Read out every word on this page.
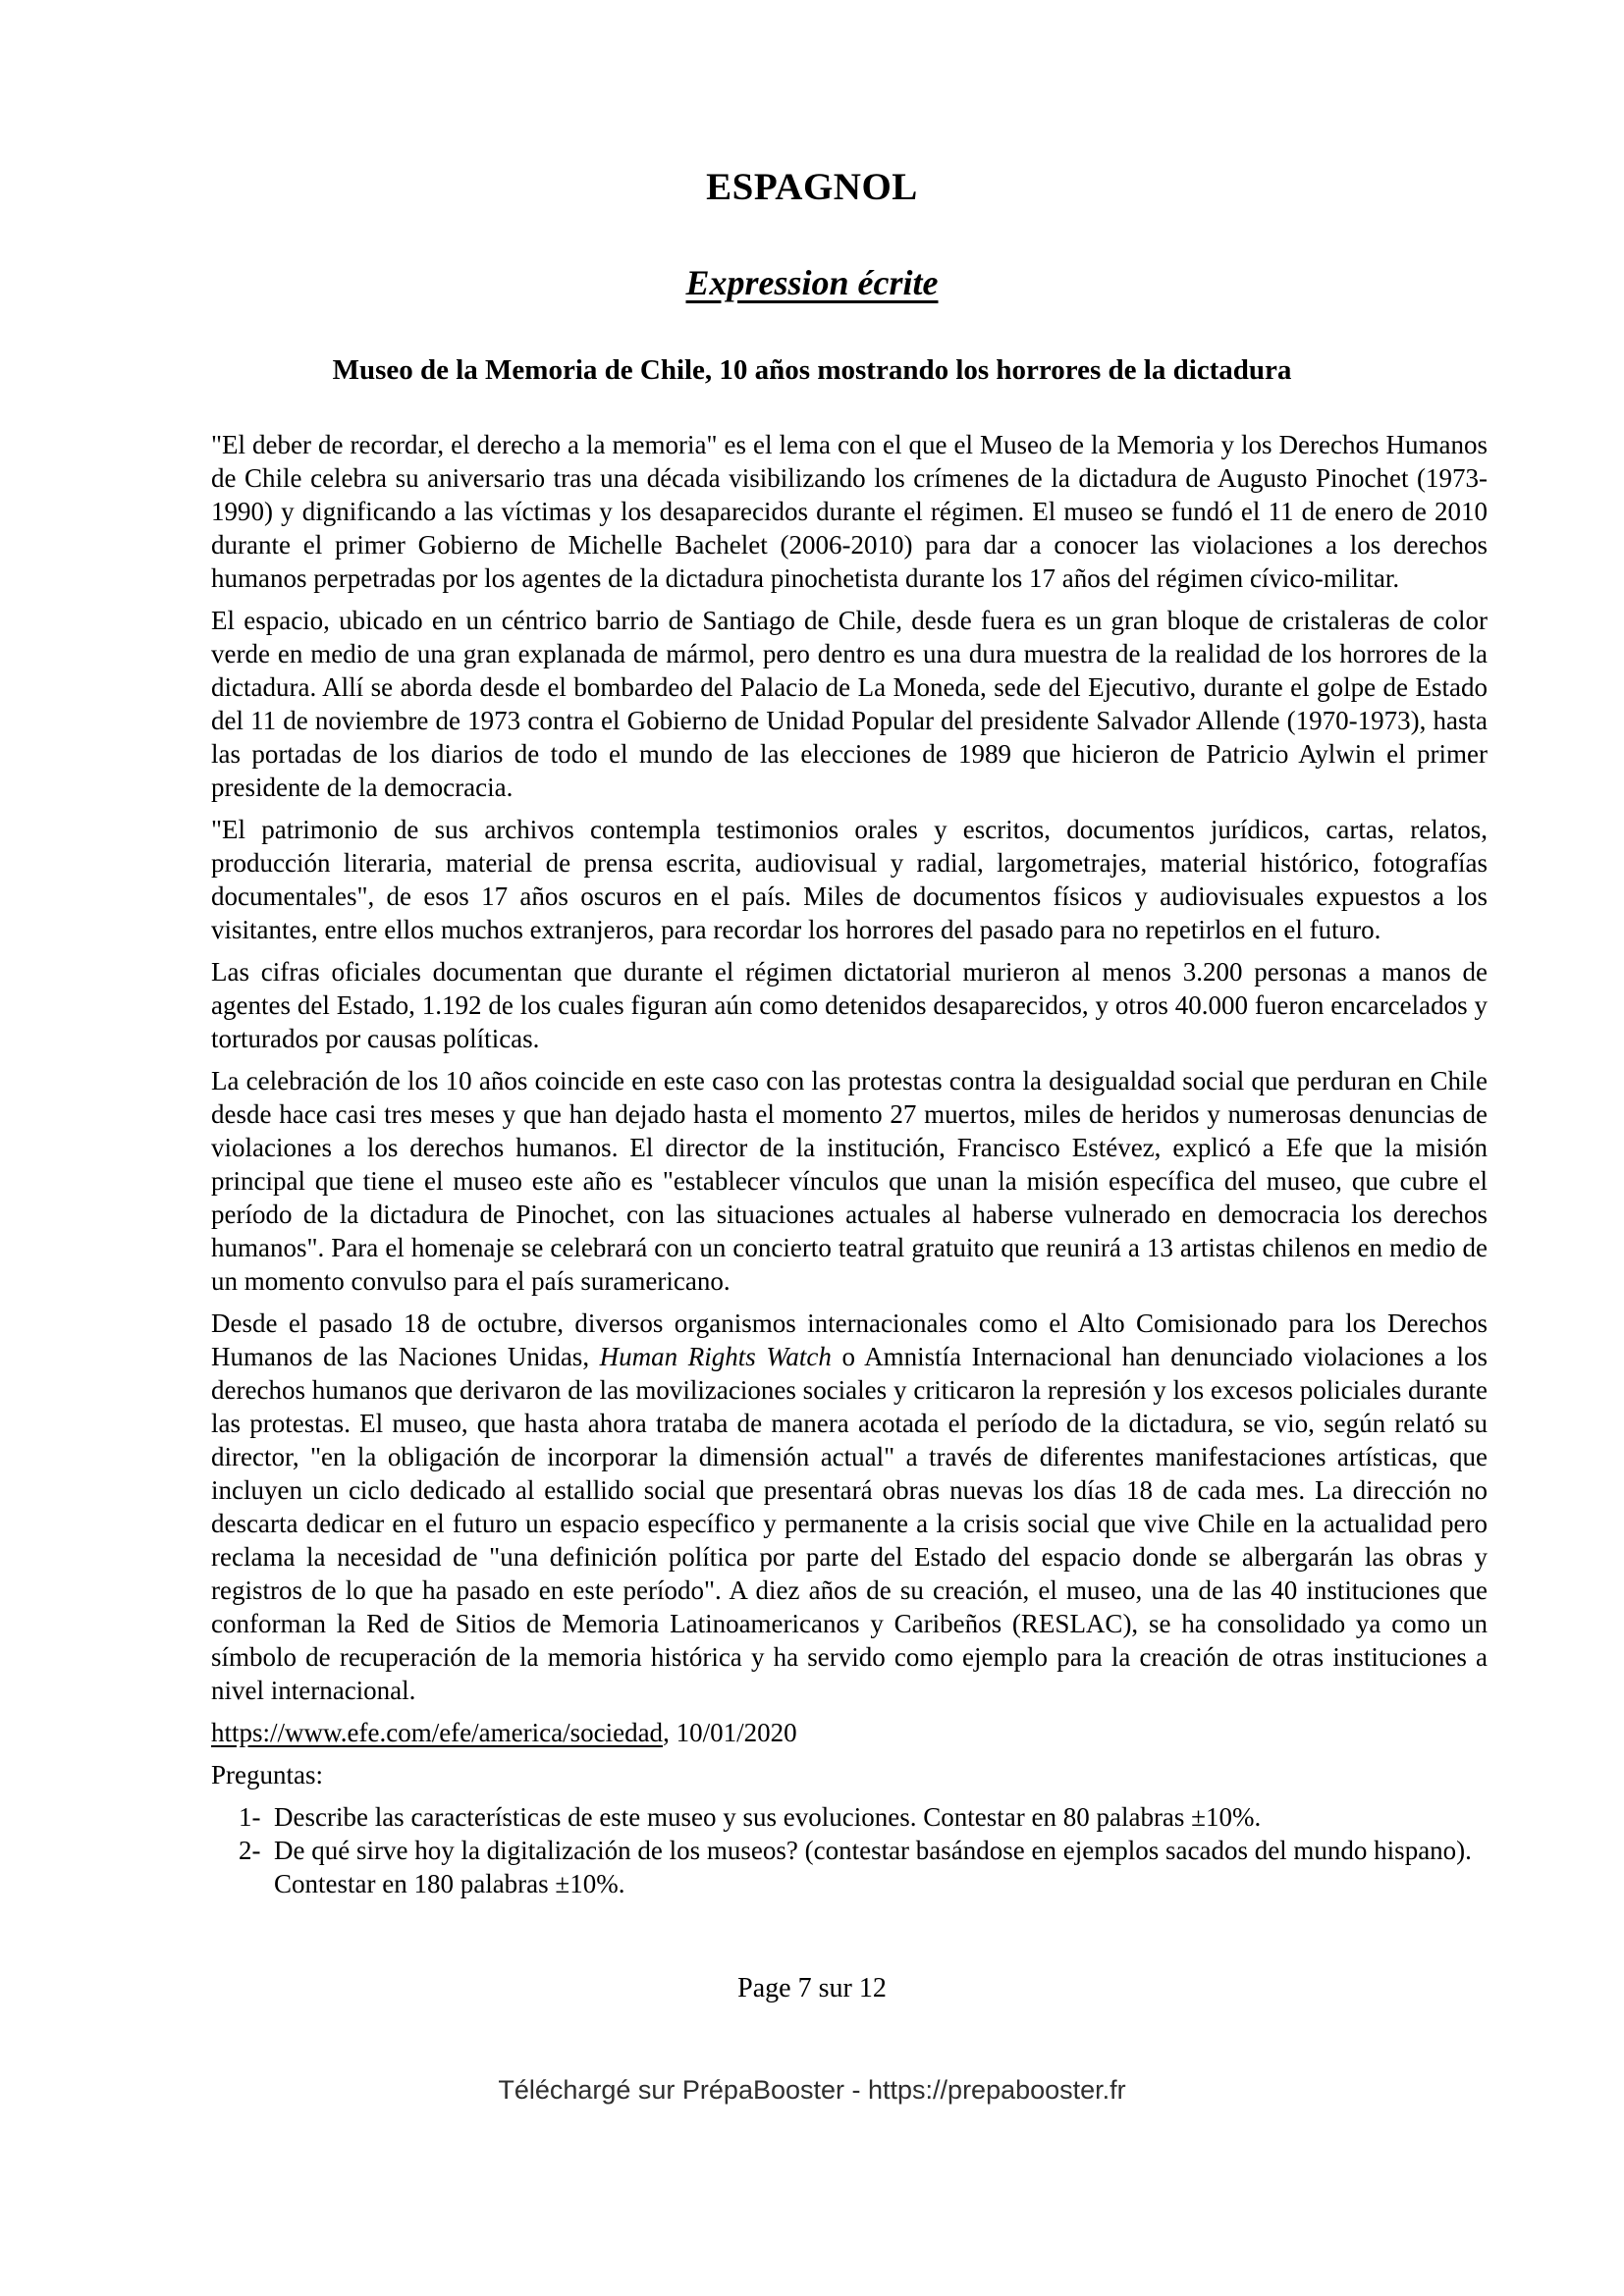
ESPAGNOL
Expression écrite
Museo de la Memoria de Chile, 10 años mostrando los horrores de la dictadura

"El deber de recordar, el derecho a la memoria" es el lema con el que el Museo de la Memoria y los Derechos Humanos de Chile celebra su aniversario tras una década visibilizando los crímenes de la dictadura de Augusto Pinochet (1973-1990) y dignificando a las víctimas y los desaparecidos durante el régimen. El museo se fundó el 11 de enero de 2010 durante el primer Gobierno de Michelle Bachelet (2006-2010) para dar a conocer las violaciones a los derechos humanos perpetradas por los agentes de la dictadura pinochetista durante los 17 años del régimen cívico-militar.

El espacio, ubicado en un céntrico barrio de Santiago de Chile, desde fuera es un gran bloque de cristaleras de color verde en medio de una gran explanada de mármol, pero dentro es una dura muestra de la realidad de los horrores de la dictadura. Allí se aborda desde el bombardeo del Palacio de La Moneda, sede del Ejecutivo, durante el golpe de Estado del 11 de noviembre de 1973 contra el Gobierno de Unidad Popular del presidente Salvador Allende (1970-1973), hasta las portadas de los diarios de todo el mundo de las elecciones de 1989 que hicieron de Patricio Aylwin el primer presidente de la democracia.

"El patrimonio de sus archivos contempla testimonios orales y escritos, documentos jurídicos, cartas, relatos, producción literaria, material de prensa escrita, audiovisual y radial, largometrajes, material histórico, fotografías documentales", de esos 17 años oscuros en el país. Miles de documentos físicos y audiovisuales expuestos a los visitantes, entre ellos muchos extranjeros, para recordar los horrores del pasado para no repetirlos en el futuro.

Las cifras oficiales documentan que durante el régimen dictatorial murieron al menos 3.200 personas a manos de agentes del Estado, 1.192 de los cuales figuran aún como detenidos desaparecidos, y otros 40.000 fueron encarcelados y torturados por causas políticas.

La celebración de los 10 años coincide en este caso con las protestas contra la desigualdad social que perduran en Chile desde hace casi tres meses y que han dejado hasta el momento 27 muertos, miles de heridos y numerosas denuncias de violaciones a los derechos humanos. El director de la institución, Francisco Estévez, explicó a Efe que la misión principal que tiene el museo este año es "establecer vínculos que unan la misión específica del museo, que cubre el período de la dictadura de Pinochet, con las situaciones actuales al haberse vulnerado en democracia los derechos humanos". Para el homenaje se celebrará con un concierto teatral gratuito que reunirá a 13 artistas chilenos en medio de un momento convulso para el país suramericano.

Desde el pasado 18 de octubre, diversos organismos internacionales como el Alto Comisionado para los Derechos Humanos de las Naciones Unidas, Human Rights Watch o Amnistía Internacional han denunciado violaciones a los derechos humanos que derivaron de las movilizaciones sociales y criticaron la represión y los excesos policiales durante las protestas. El museo, que hasta ahora trataba de manera acotada el período de la dictadura, se vio, según relató su director, "en la obligación de incorporar la dimensión actual" a través de diferentes manifestaciones artísticas, que incluyen un ciclo dedicado al estallido social que presentará obras nuevas los días 18 de cada mes. La dirección no descarta dedicar en el futuro un espacio específico y permanente a la crisis social que vive Chile en la actualidad pero reclama la necesidad de "una definición política por parte del Estado del espacio donde se albergarán las obras y registros de lo que ha pasado en este período". A diez años de su creación, el museo, una de las 40 instituciones que conforman la Red de Sitios de Memoria Latinoamericanos y Caribeños (RESLAC), se ha consolidado ya como un símbolo de recuperación de la memoria histórica y ha servido como ejemplo para la creación de otras instituciones a nivel internacional.

https://www.efe.com/efe/america/sociedad, 10/01/2020

Preguntas:

1- Describe las características de este museo y sus evoluciones. Contestar en 80 palabras ±10%.
2- De qué sirve hoy la digitalización de los museos? (contestar basándose en ejemplos sacados del mundo hispano). Contestar en 180 palabras ±10%.
Page 7 sur 12
Téléchargé sur PrépaBooster - https://prepabooster.fr
